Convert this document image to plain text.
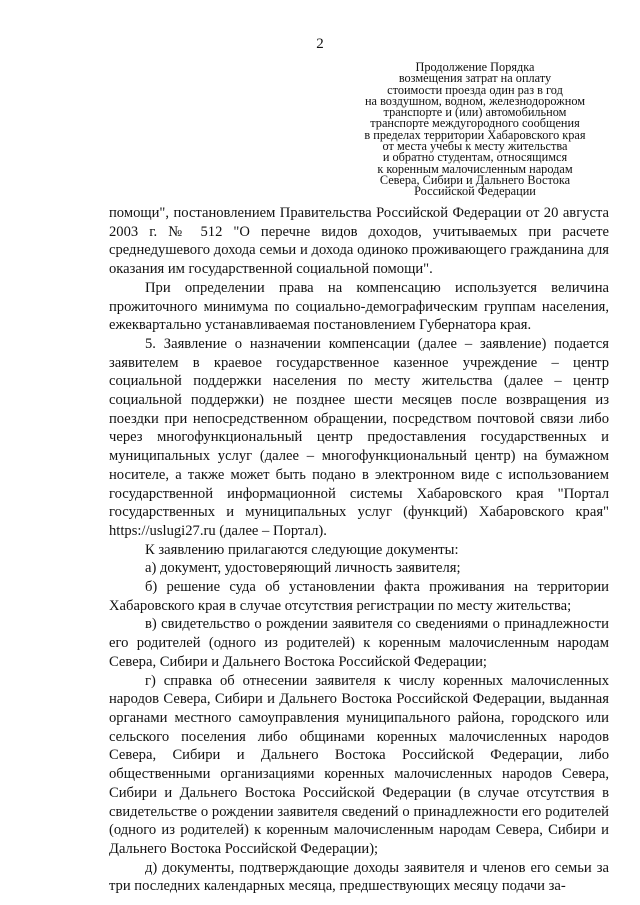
2
Продолжение Порядка
возмещения затрат на оплату
стоимости проезда один раз в год
на воздушном, водном, железнодорожном
транспорте и (или) автомобильном
транспорте междугородного сообщения
в пределах территории Хабаровского края
от места учебы к месту жительства
и обратно студентам, относящимся
к коренным малочисленным народам
Севера, Сибири и Дальнего Востока
Российской Федерации

помощи", постановлением Правительства Российской Федерации от 20 августа 2003 г. № 512 "О перечне видов доходов, учитываемых при расчете среднедушевого дохода семьи и дохода одиноко проживающего гражданина для оказания им государственной социальной помощи".

При определении права на компенсацию используется величина прожиточного минимума по социально-демографическим группам населения, ежеквартально устанавливаемая постановлением Губернатора края.

5. Заявление о назначении компенсации (далее – заявление) подается заявителем в краевое государственное казенное учреждение – центр социальной поддержки населения по месту жительства (далее – центр социальной поддержки) не позднее шести месяцев после возвращения из поездки при непосредственном обращении, посредством почтовой связи либо через многофункциональный центр предоставления государственных и муниципальных услуг (далее – многофункциональный центр) на бумажном носителе, а также может быть подано в электронном виде с использованием государственной информационной системы Хабаровского края "Портал государственных и муниципальных услуг (функций) Хабаровского края" https://uslugi27.ru (далее – Портал).

К заявлению прилагаются следующие документы:

а) документ, удостоверяющий личность заявителя;

б) решение суда об установлении факта проживания на территории Хабаровского края в случае отсутствия регистрации по месту жительства;

в) свидетельство о рождении заявителя со сведениями о принадлежности его родителей (одного из родителей) к коренным малочисленным народам Севера, Сибири и Дальнего Востока Российской Федерации;

г) справка об отнесении заявителя к числу коренных малочисленных народов Севера, Сибири и Дальнего Востока Российской Федерации, выданная органами местного самоуправления муниципального района, городского или сельского поселения либо общинами коренных малочисленных народов Севера, Сибири и Дальнего Востока Российской Федерации, либо общественными организациями коренных малочисленных народов Севера, Сибири и Дальнего Востока Российской Федерации (в случае отсутствия в свидетельстве о рождении заявителя сведений о принадлежности его родителей (одного из родителей) к коренным малочисленным народам Севера, Сибири и Дальнего Востока Российской Федерации);

д) документы, подтверждающие доходы заявителя и членов его семьи за три последних календарных месяца, предшествующих месяцу подачи за-
